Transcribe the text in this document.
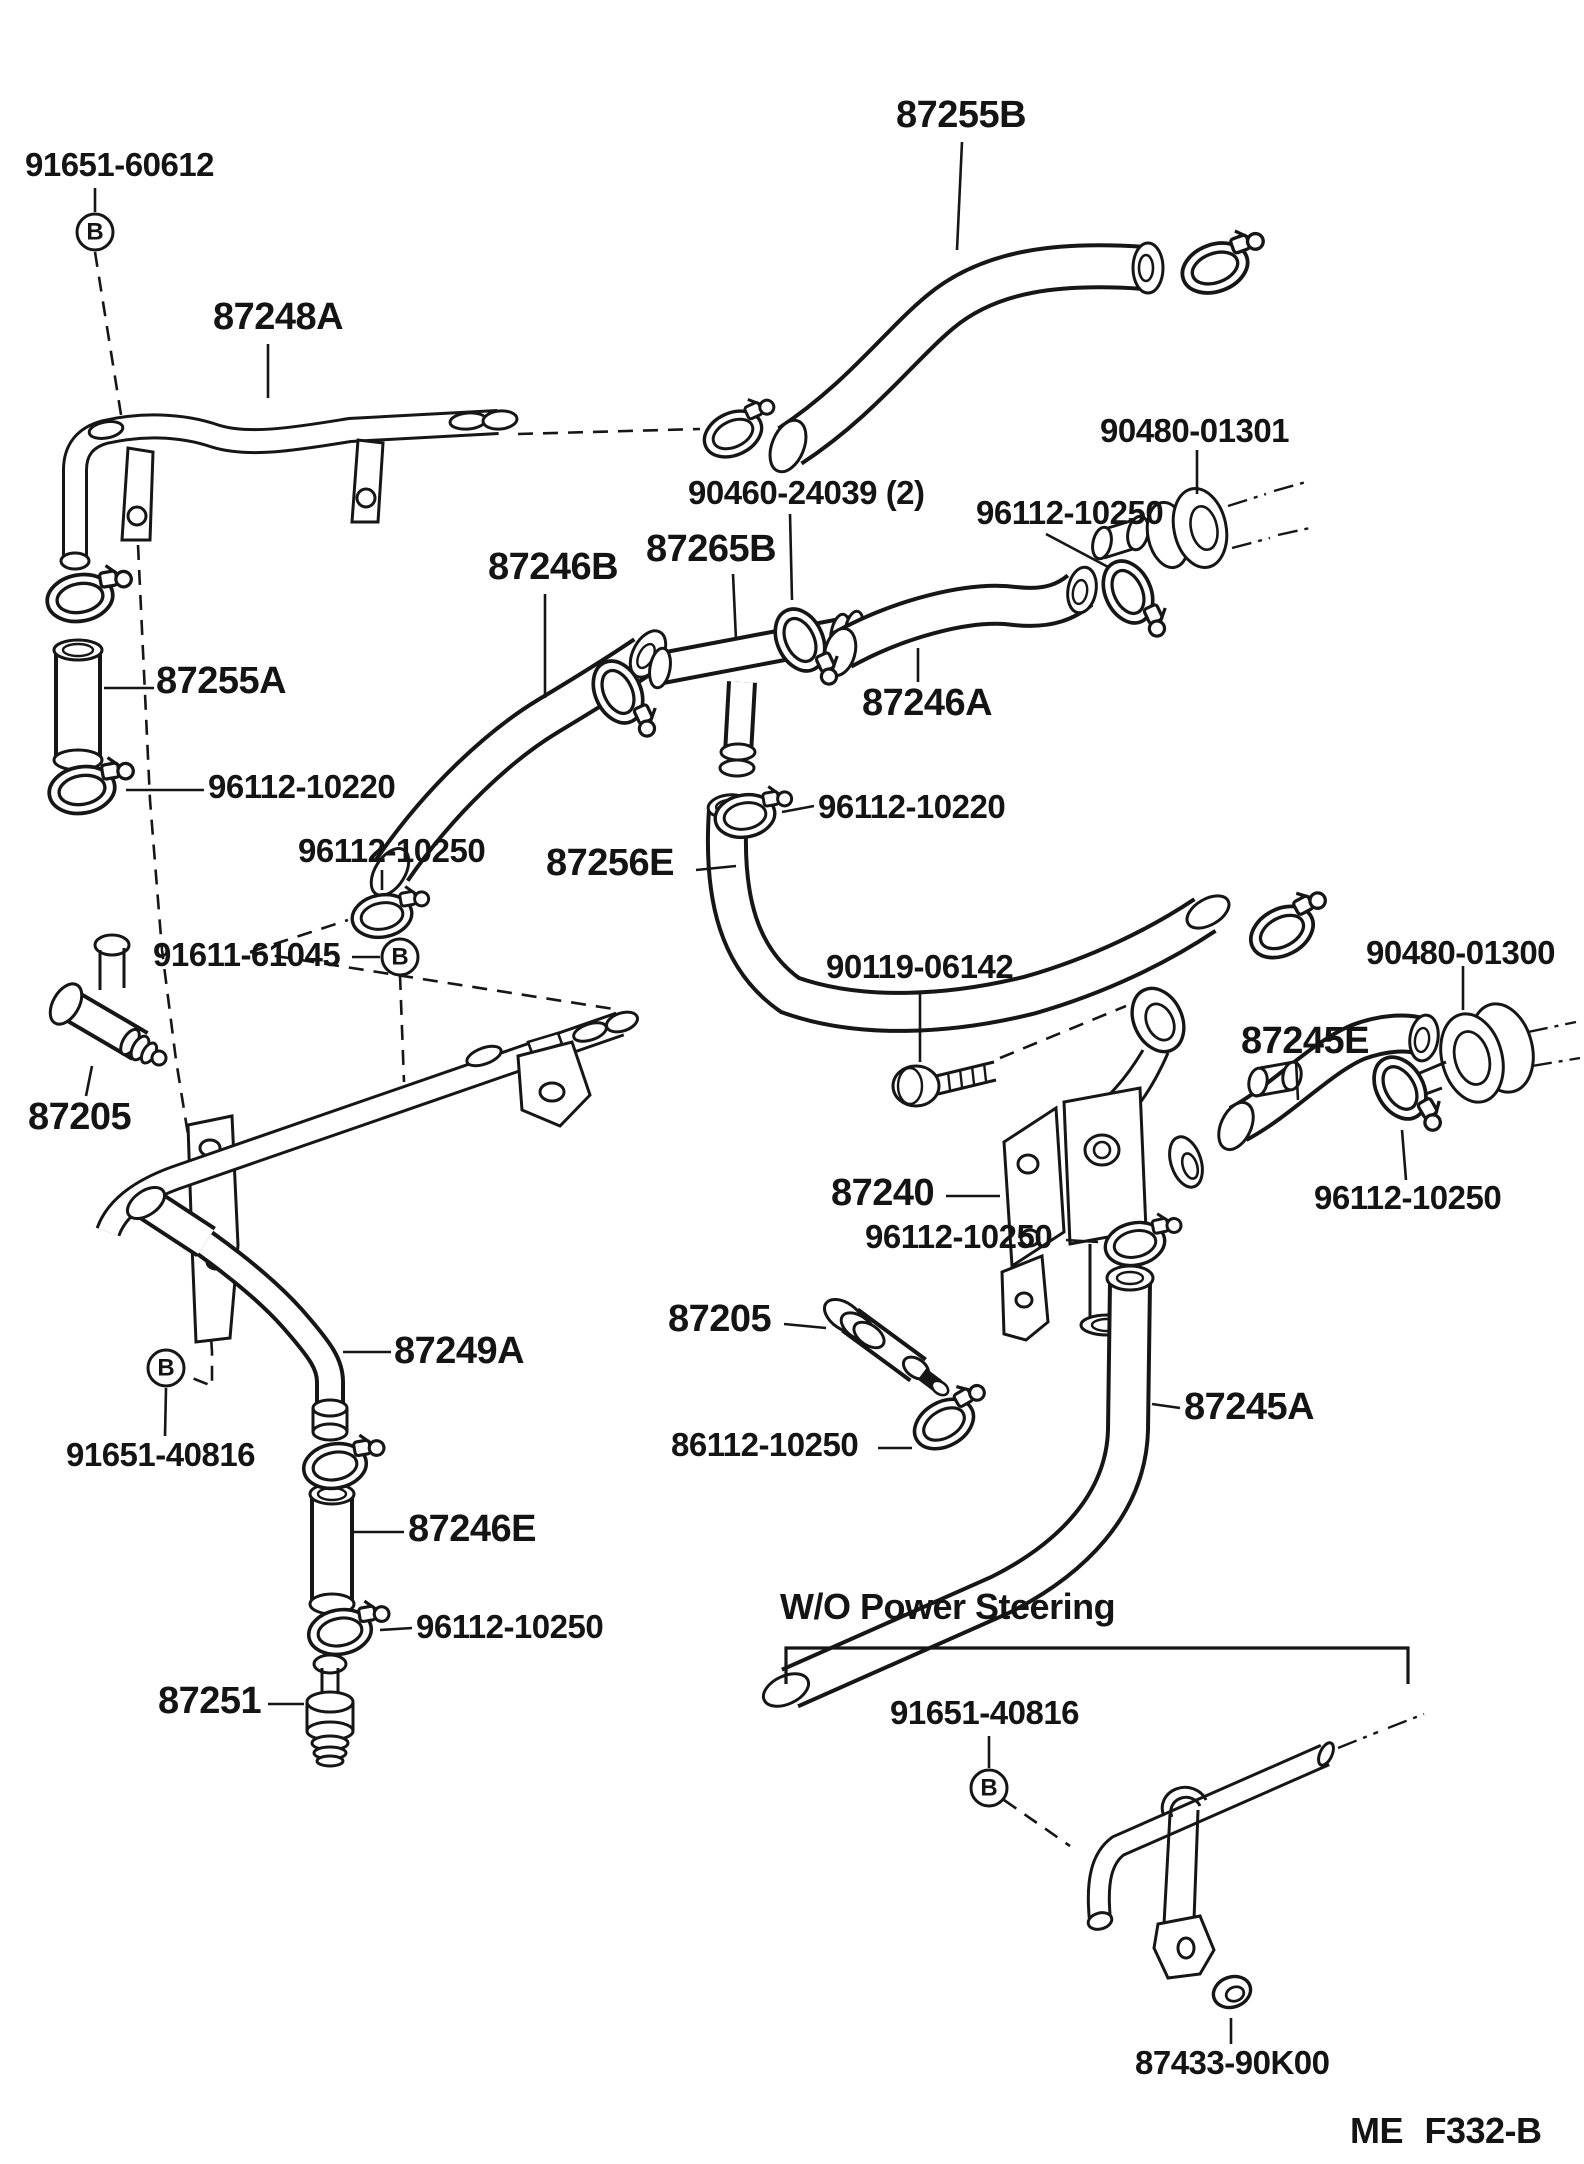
B
B
B
B
87255B
91651-60612
87248A
90480-01301
90460-24039 (2)
96112-10250
87265B
87246B
87255A
96112-10220
96112-10250
87246A
96112-10220
87256E
87205
91611-61045	90119-06142	90480-01300
87245E
87240
96112-10250
96112-10250
87249A
87205
86112-10250
87245A
91651-40816
87246E
96112-10250
87251	91651-40816
87433-90K00
W/O Power Steering
ME F332-B
